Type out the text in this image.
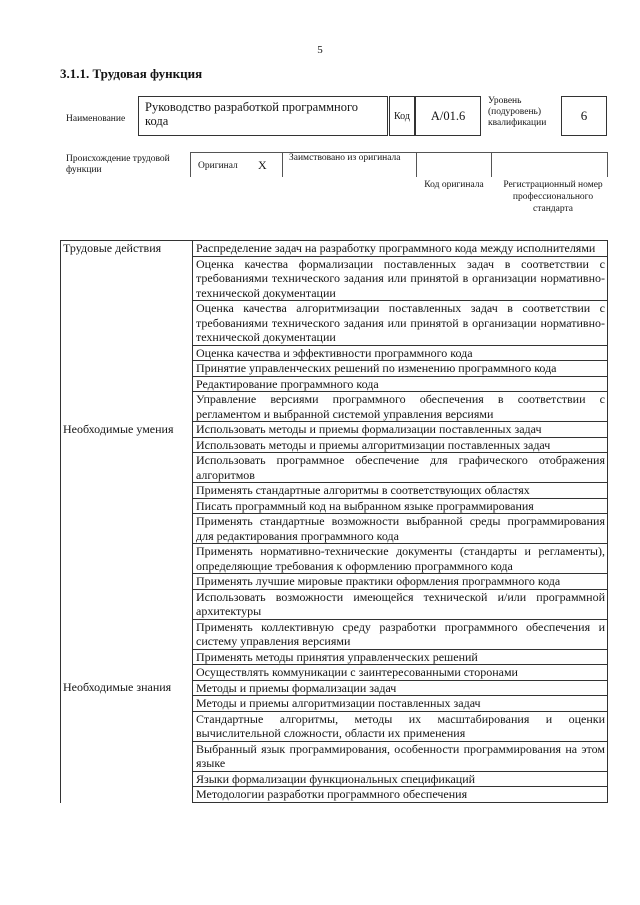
5
3.1.1. Трудовая функция
Наименование
Руководство разработкой программного кода	Код	A/01.6
Уровень (подуровень) квалификации	6
Происхождение трудовой функции	Оригинал X Заимствовано из оригинала
Код оригинала	Регистрационный номер профессионального стандарта
Трудовые действия	Распределение задач на разработку программного кода между исполнителями

	Оценка качества формализации поставленных задач в соответствии с требованиями технического задания или принятой в организации нормативно-технической документации

	Оценка качества алгоритмизации поставленных задач в соответствии с требованиями технического задания или принятой в организации нормативно-технической документации

	Оценка качества и эффективности программного кода

	Принятие управленческих решений по изменению программного кода

	Редактирование программного кода

	Управление версиями программного обеспечения в соответствии с регламентом и выбранной системой управления версиями

Необходимые умения	Использовать методы и приемы формализации поставленных задач

	Использовать методы и приемы алгоритмизации поставленных задач

	Использовать программное обеспечение для графического отображения алгоритмов

	Применять стандартные алгоритмы в соответствующих областях

	Писать программный код на выбранном языке программирования

	Применять стандартные возможности выбранной среды программирования для редактирования программного кода

	Применять нормативно-технические документы (стандарты и регламенты), определяющие требования к оформлению программного кода

	Применять лучшие мировые практики оформления программного кода

	Использовать возможности имеющейся технической и/или программной архитектуры

	Применять коллективную среду разработки программного обеспечения и систему управления версиями

	Применять методы принятия управленческих решений

	Осуществлять коммуникации с заинтересованными сторонами

Необходимые знания	Методы и приемы формализации задач

	Методы и приемы алгоритмизации поставленных задач

	Стандартные алгоритмы, методы их масштабирования и оценки вычислительной сложности, области их применения

	Выбранный язык программирования, особенности программирования на этом языке

	Языки формализации функциональных спецификаций

	Методологии разработки программного обеспечения
